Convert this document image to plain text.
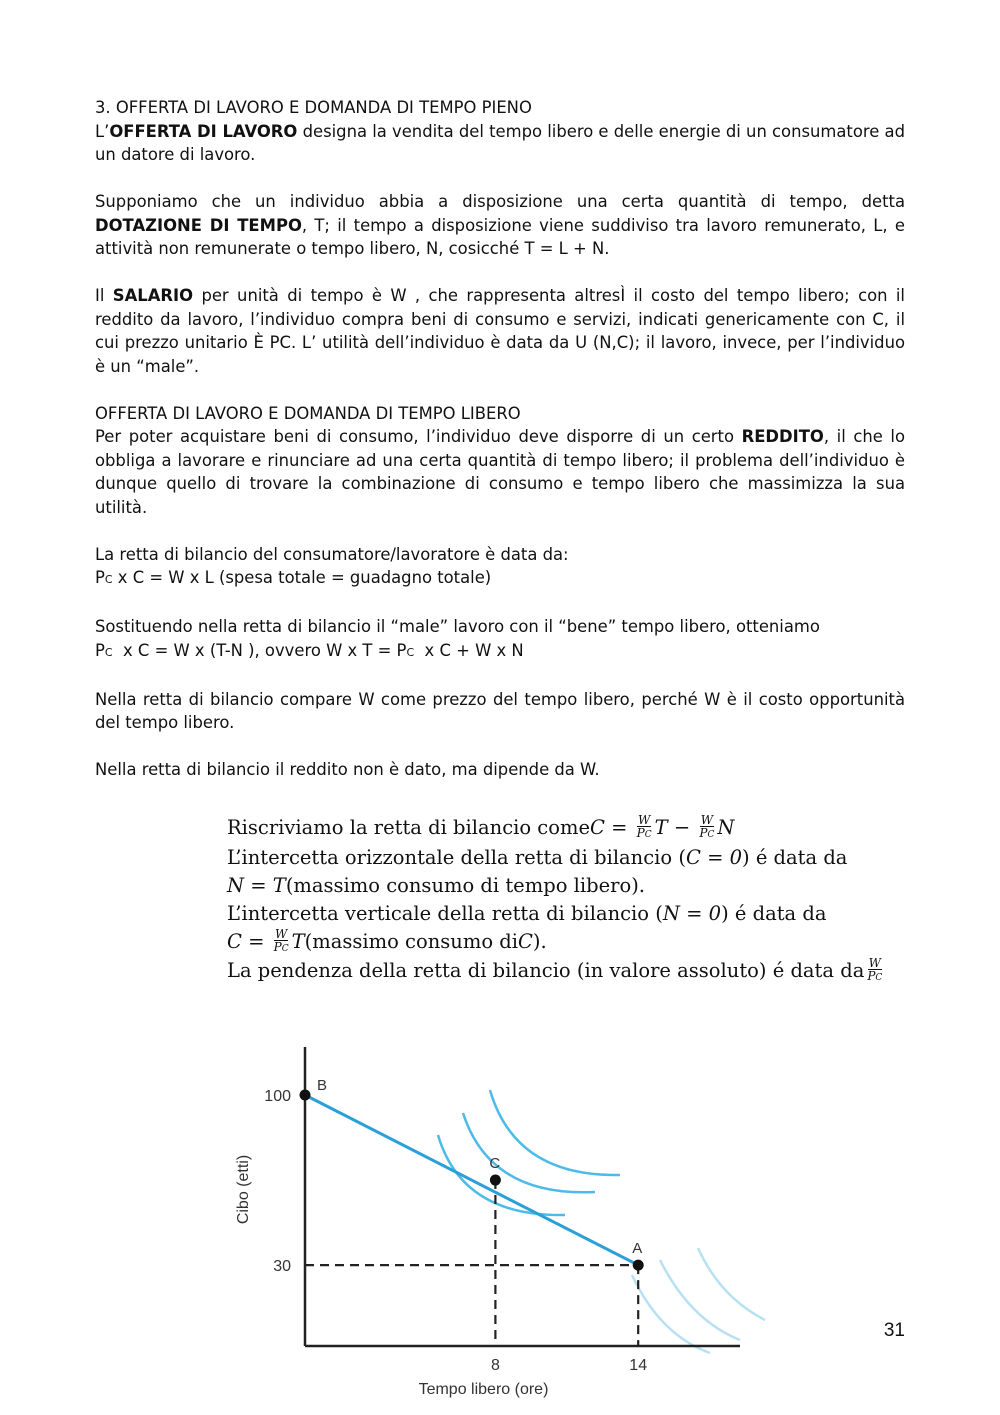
3. OFFERTA DI LAVORO E DOMANDA DI TEMPO PIENO

L’OFFERTA DI LAVORO designa la vendita del tempo libero e delle energie di un consumatore ad un datore di lavoro.

Supponiamo che un individuo abbia a disposizione una certa quantità di tempo, detta DOTAZIONE DI TEMPO, T; il tempo a disposizione viene suddiviso tra lavoro remunerato, L, e attività non remunerate o tempo libero, N, cosicché T = L + N.

Il SALARIO per unità di tempo è W , che rappresenta altresÌ il costo del tempo libero; con il reddito da lavoro, l’individuo compra beni di consumo e servizi, indicati genericamente con C, il cui prezzo unitario È PC. L’ utilità dell’individuo è data da U (N,C); il lavoro, invece, per l’individuo è un “male”.

OFFERTA DI LAVORO E DOMANDA DI TEMPO LIBERO

Per poter acquistare beni di consumo, l’individuo deve disporre di un certo REDDITO, il che lo obbliga a lavorare e rinunciare ad una certa quantità di tempo libero; il problema dell’individuo è dunque quello di trovare la combinazione di consumo e tempo libero che massimizza la sua utilità.

La retta di bilancio del consumatore/lavoratore è data da:

PC x C = W x L (spesa totale = guadagno totale)

Sostituendo nella retta di bilancio il “male” lavoro con il “bene” tempo libero, otteniamo

PC  x C = W x (T-N ), ovvero W x T = PC  x C + W x N

Nella retta di bilancio compare W come prezzo del tempo libero, perché W è il costo opportunità del tempo libero.

Nella retta di bilancio il reddito non è dato, ma dipende da W.

Riscriviamo la retta di bilancio come $C = \frac{W}{PC}$ $T - \frac{W}{PC}$ N
L’intercetta orizzontale della retta di bilancio ( C = 0 ) é data da
N = T (massimo consumo di tempo libero).
L’intercetta verticale della retta di bilancio ( N = 0 ) é data da
$C = \frac{W}{PC}$ T (massimo consumo di C ).
La pendenza della retta di bilancio (in valore assoluto) é data da $\frac{W}{PC}$
B
C
A
100
30
8	14
Cibo (etti)
Tempo libero (ore)
31
